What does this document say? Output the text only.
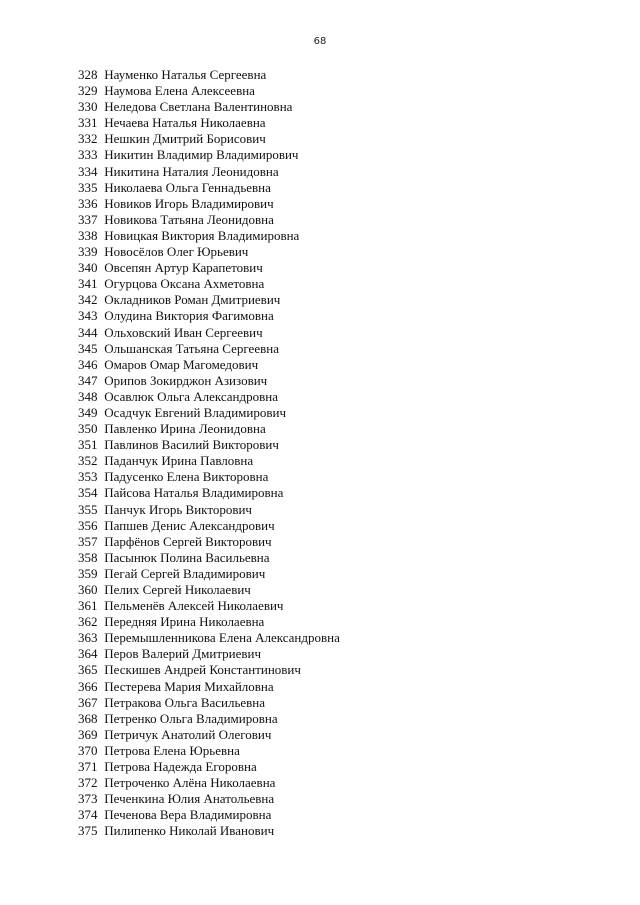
68
328 Науменко Наталья Сергеевна
329 Наумова Елена Алексеевна
330 Неледова Светлана Валентиновна
331 Нечаева Наталья Николаевна
332 Нешкин Дмитрий Борисович
333 Никитин Владимир Владимирович
334 Никитина Наталия Леонидовна
335 Николаева Ольга Геннадьевна
336 Новиков Игорь Владимирович
337 Новикова Татьяна Леонидовна
338 Новицкая Виктория Владимировна
339 Новосёлов Олег Юрьевич
340 Овсепян Артур Карапетович
341 Огурцова Оксана Ахметовна
342 Окладников Роман Дмитриевич
343 Олудина Виктория Фагимовна
344 Ольховский Иван Сергеевич
345 Ольшанская Татьяна Сергеевна
346 Омаров Омар Магомедович
347 Орипов Зокирджон Азизович
348 Осавлюк Ольга Александровна
349 Осадчук Евгений Владимирович
350 Павленко Ирина Леонидовна
351 Павлинов Василий Викторович
352 Паданчук Ирина Павловна
353 Падусенко Елена Викторовна
354 Пайсова Наталья Владимировна
355 Панчук Игорь Викторович
356 Папшев Денис Александрович
357 Парфёнов Сергей Викторович
358 Пасынюк Полина Васильевна
359 Пегай Сергей Владимирович
360 Пелих Сергей Николаевич
361 Пельменёв Алексей Николаевич
362 Передняя Ирина Николаевна
363 Перемышленникова Елена Александровна
364 Перов Валерий Дмитриевич
365 Пескишев Андрей Константинович
366 Пестерева Мария Михайловна
367 Петракова Ольга Васильевна
368 Петренко Ольга Владимировна
369 Петричук Анатолий Олегович
370 Петрова Елена Юрьевна
371 Петрова Надежда Егоровна
372 Петроченко Алёна Николаевна
373 Печенкина Юлия Анатольевна
374 Печенова Вера Владимировна
375 Пилипенко Николай Иванович
